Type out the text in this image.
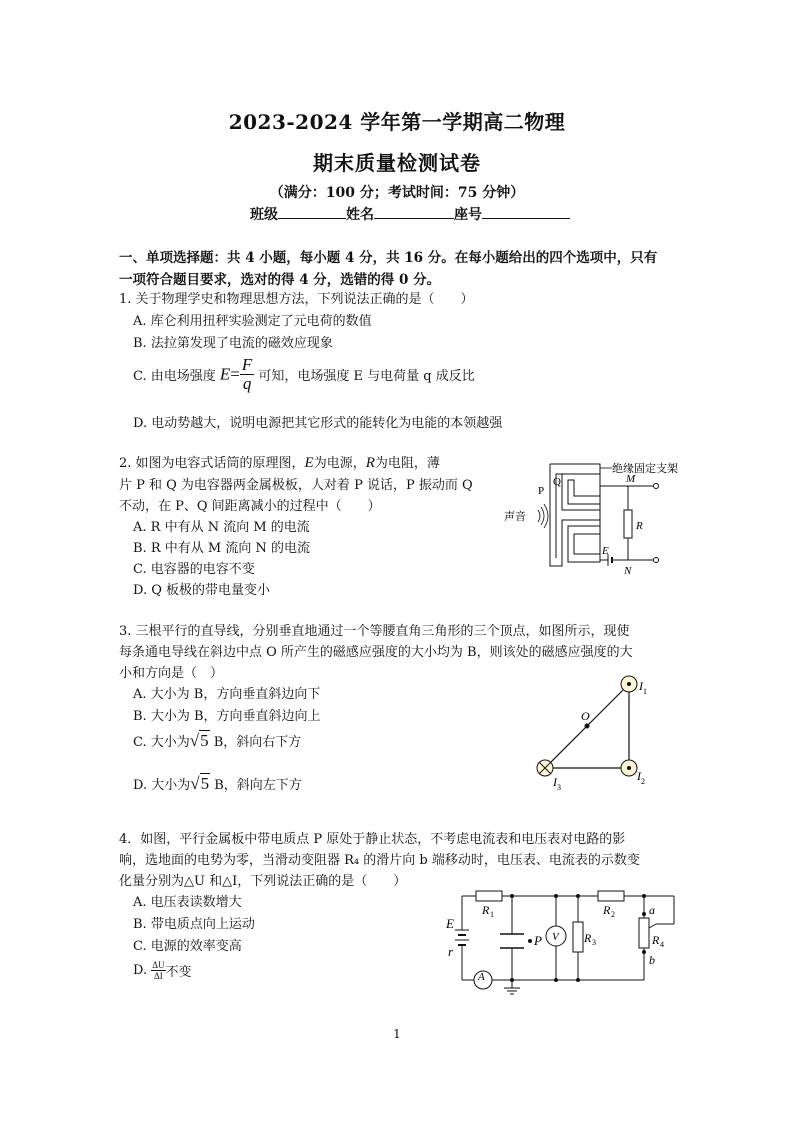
2023-2024 学年第一学期高二物理
期末质量检测试卷
（满分：100 分；考试时间：75 分钟）
班级	姓名	座号
一、单项选择题：共 4 小题，每小题 4 分，共 16 分。在每小题给出的四个选项中，只有
一项符合题目要求，选对的得 4 分，选错的得 0 分。
1. 关于物理学史和物理思想方法，下列说法正确的是（　　）
A. 库仑利用扭秤实验测定了元电荷的数值
B. 法拉第发现了电流的磁效应现象
C. 由电场强度 $E= \frac{F}{q}$ 可知，电场强度 E 与电荷量 q 成反比
D. 电动势越大，说明电源把其它形式的能转化为电能的本领越强
2. 如图为电容式话筒的原理图，E为电源，R为电阻，薄
片 P 和 Q 为电容器两金属极板，人对着 P 说话，P 振动而 Q
不动，在 P、Q 间距离减小的过程中（　　）
A. R 中有从 N 流向 M 的电流
B. R 中有从 M 流向 N 的电流
C. 电容器的电容不变
D. Q 板极的带电量变小
绝缘固定支架
P
Q	M
R
E
N
声音
3. 三根平行的直导线，分别垂直地通过一个等腰直角三角形的三个顶点，如图所示，现使
每条通电导线在斜边中点 O 所产生的磁感应强度的大小均为 B，则该处的磁感应强度的大
小和方向是（　）
A. 大小为 B，方向垂直斜边向下
B. 大小为 B，方向垂直斜边向上
C. 大小为√5 B，斜向右下方
D. 大小为√5 B，斜向左下方
O
I 1
I 2
I 3
4．如图，平行金属板中带电质点 P 原处于静止状态，不考虑电流表和电压表对电路的影
响，选地面的电势为零，当滑动变阻器 R₄ 的滑片向 b 端移动时，电压表、电流表的示数变
化量分别为△U 和△I，下列说法正确的是（　　）
A. 电压表读数增大
B. 带电质点向上运动
C. 电源的效率变高
D. $\frac{\Delta U}{\Delta I}$ 不变	A
V
E
r
R 1	R 2
R 3	R 4
P
a
b
1
